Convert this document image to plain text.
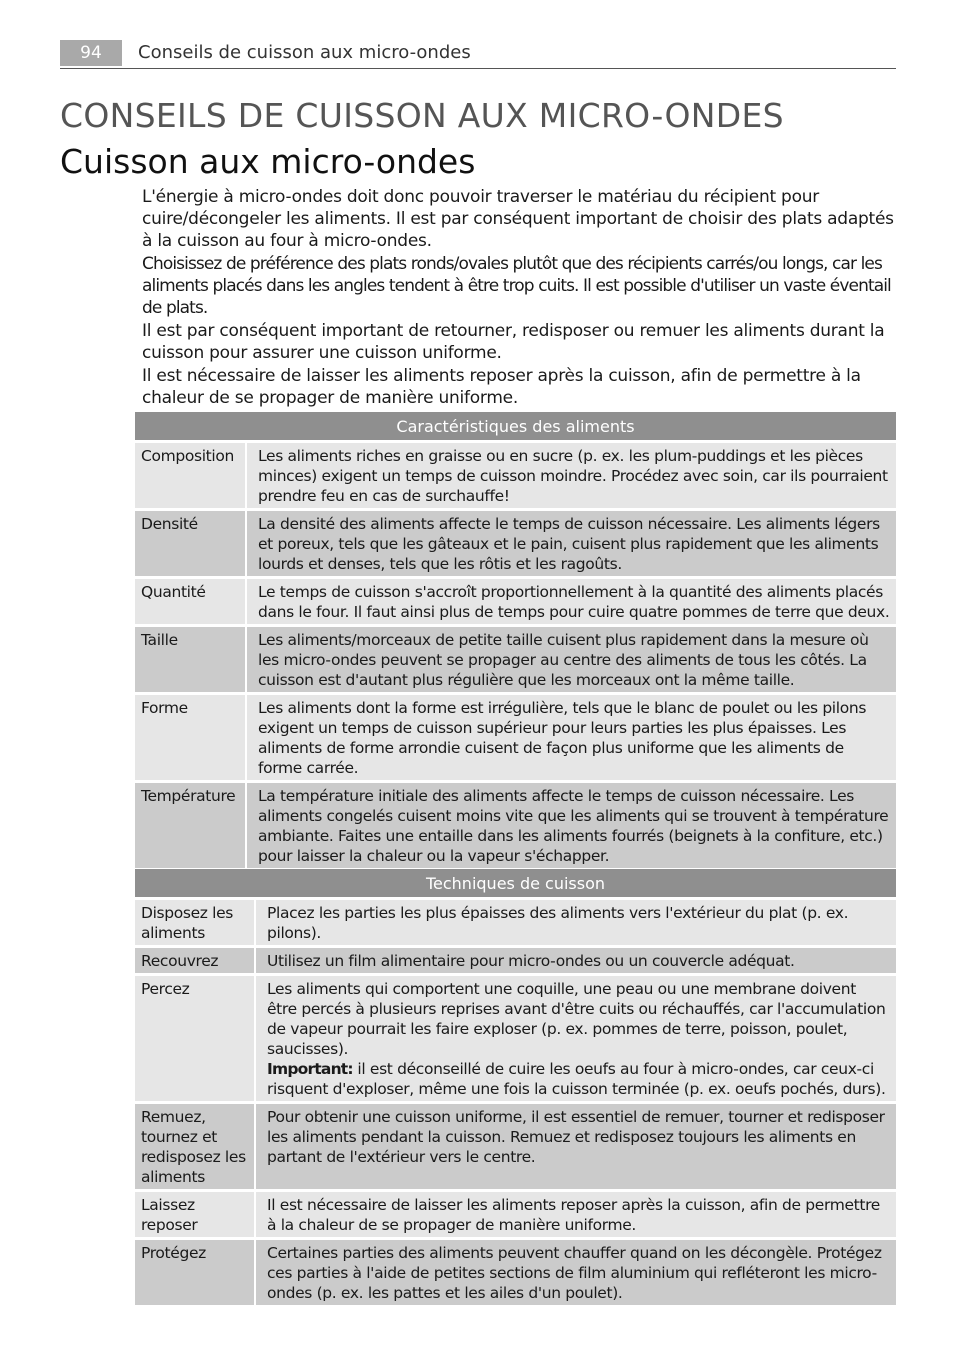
94	Conseils de cuisson aux micro-ondes
CONSEILS DE CUISSON AUX MICRO-ONDES
Cuisson aux micro-ondes

L'énergie à micro-ondes doit donc pouvoir traverser le matériau du récipient pour cuire/décongeler les aliments. Il est par conséquent important de choisir des plats adaptés à la cuisson au four à micro-ondes.

Choisissez de préférence des plats ronds/ovales plutôt que des récipients carrés/ou longs, car les aliments placés dans les angles tendent à être trop cuits. Il est possible d'utiliser un vaste éventail de plats.

Il est par conséquent important de retourner, redisposer ou remuer les aliments durant la cuisson pour assurer une cuisson uniforme.

Il est nécessaire de laisser les aliments reposer après la cuisson, afin de permettre à la chaleur de se propager de manière uniforme.

Caractéristiques des aliments	
Composition	Les aliments riches en graisse ou en sucre (p. ex. les plum-puddings et les pièces minces) exigent un temps de cuisson moindre. Procédez avec soin, car ils pourraient prendre feu en cas de surchauffe!
Densité	La densité des aliments affecte le temps de cuisson nécessaire. Les aliments légers et poreux, tels que les gâteaux et le pain, cuisent plus rapidement que les aliments lourds et denses, tels que les rôtis et les ragoûts.
Quantité	Le temps de cuisson s'accroît proportionnellement à la quantité des aliments placés dans le four. Il faut ainsi plus de temps pour cuire quatre pommes de terre que deux.
Taille	Les aliments/morceaux de petite taille cuisent plus rapidement dans la mesure où les micro-ondes peuvent se propager au centre des aliments de tous les côtés. La cuisson est d'autant plus régulière que les morceaux ont la même taille.
Forme	Les aliments dont la forme est irrégulière, tels que le blanc de poulet ou les pilons exigent un temps de cuisson supérieur pour leurs parties les plus épaisses. Les aliments de forme arrondie cuisent de façon plus uniforme que les aliments de forme carrée.
Température	La température initiale des aliments affecte le temps de cuisson nécessaire. Les aliments congelés cuisent moins vite que les aliments qui se trouvent à température ambiante. Faites une entaille dans les aliments fourrés (beignets à la confiture, etc.) pour laisser la chaleur ou la vapeur s'échapper.
Techniques de cuisson	
Disposez les aliments	Placez les parties les plus épaisses des aliments vers l'extérieur du plat (p. ex. pilons).
Recouvrez	Utilisez un film alimentaire pour micro-ondes ou un couvercle adéquat.
Percez	Les aliments qui comportent une coquille, une peau ou une membrane doivent être percés à plusieurs reprises avant d'être cuits ou réchauffés, car l'accumulation de vapeur pourrait les faire exploser (p. ex. pommes de terre, poisson, poulet, saucisses).
Important: il est déconseillé de cuire les oeufs au four à micro-ondes, car ceux-ci risquent d'exploser, même une fois la cuisson terminée (p. ex. oeufs pochés, durs).
Remuez, tournez et redisposez les aliments	Pour obtenir une cuisson uniforme, il est essentiel de remuer, tourner et redisposer les aliments pendant la cuisson. Remuez et redisposez toujours les aliments en partant de l'extérieur vers le centre.
Laissez reposer	Il est nécessaire de laisser les aliments reposer après la cuisson, afin de permettre à la chaleur de se propager de manière uniforme.
Protégez	Certaines parties des aliments peuvent chauffer quand on les décongèle. Protégez ces parties à l'aide de petites sections de film aluminium qui refléteront les micro-ondes (p. ex. les pattes et les ailes d'un poulet).
